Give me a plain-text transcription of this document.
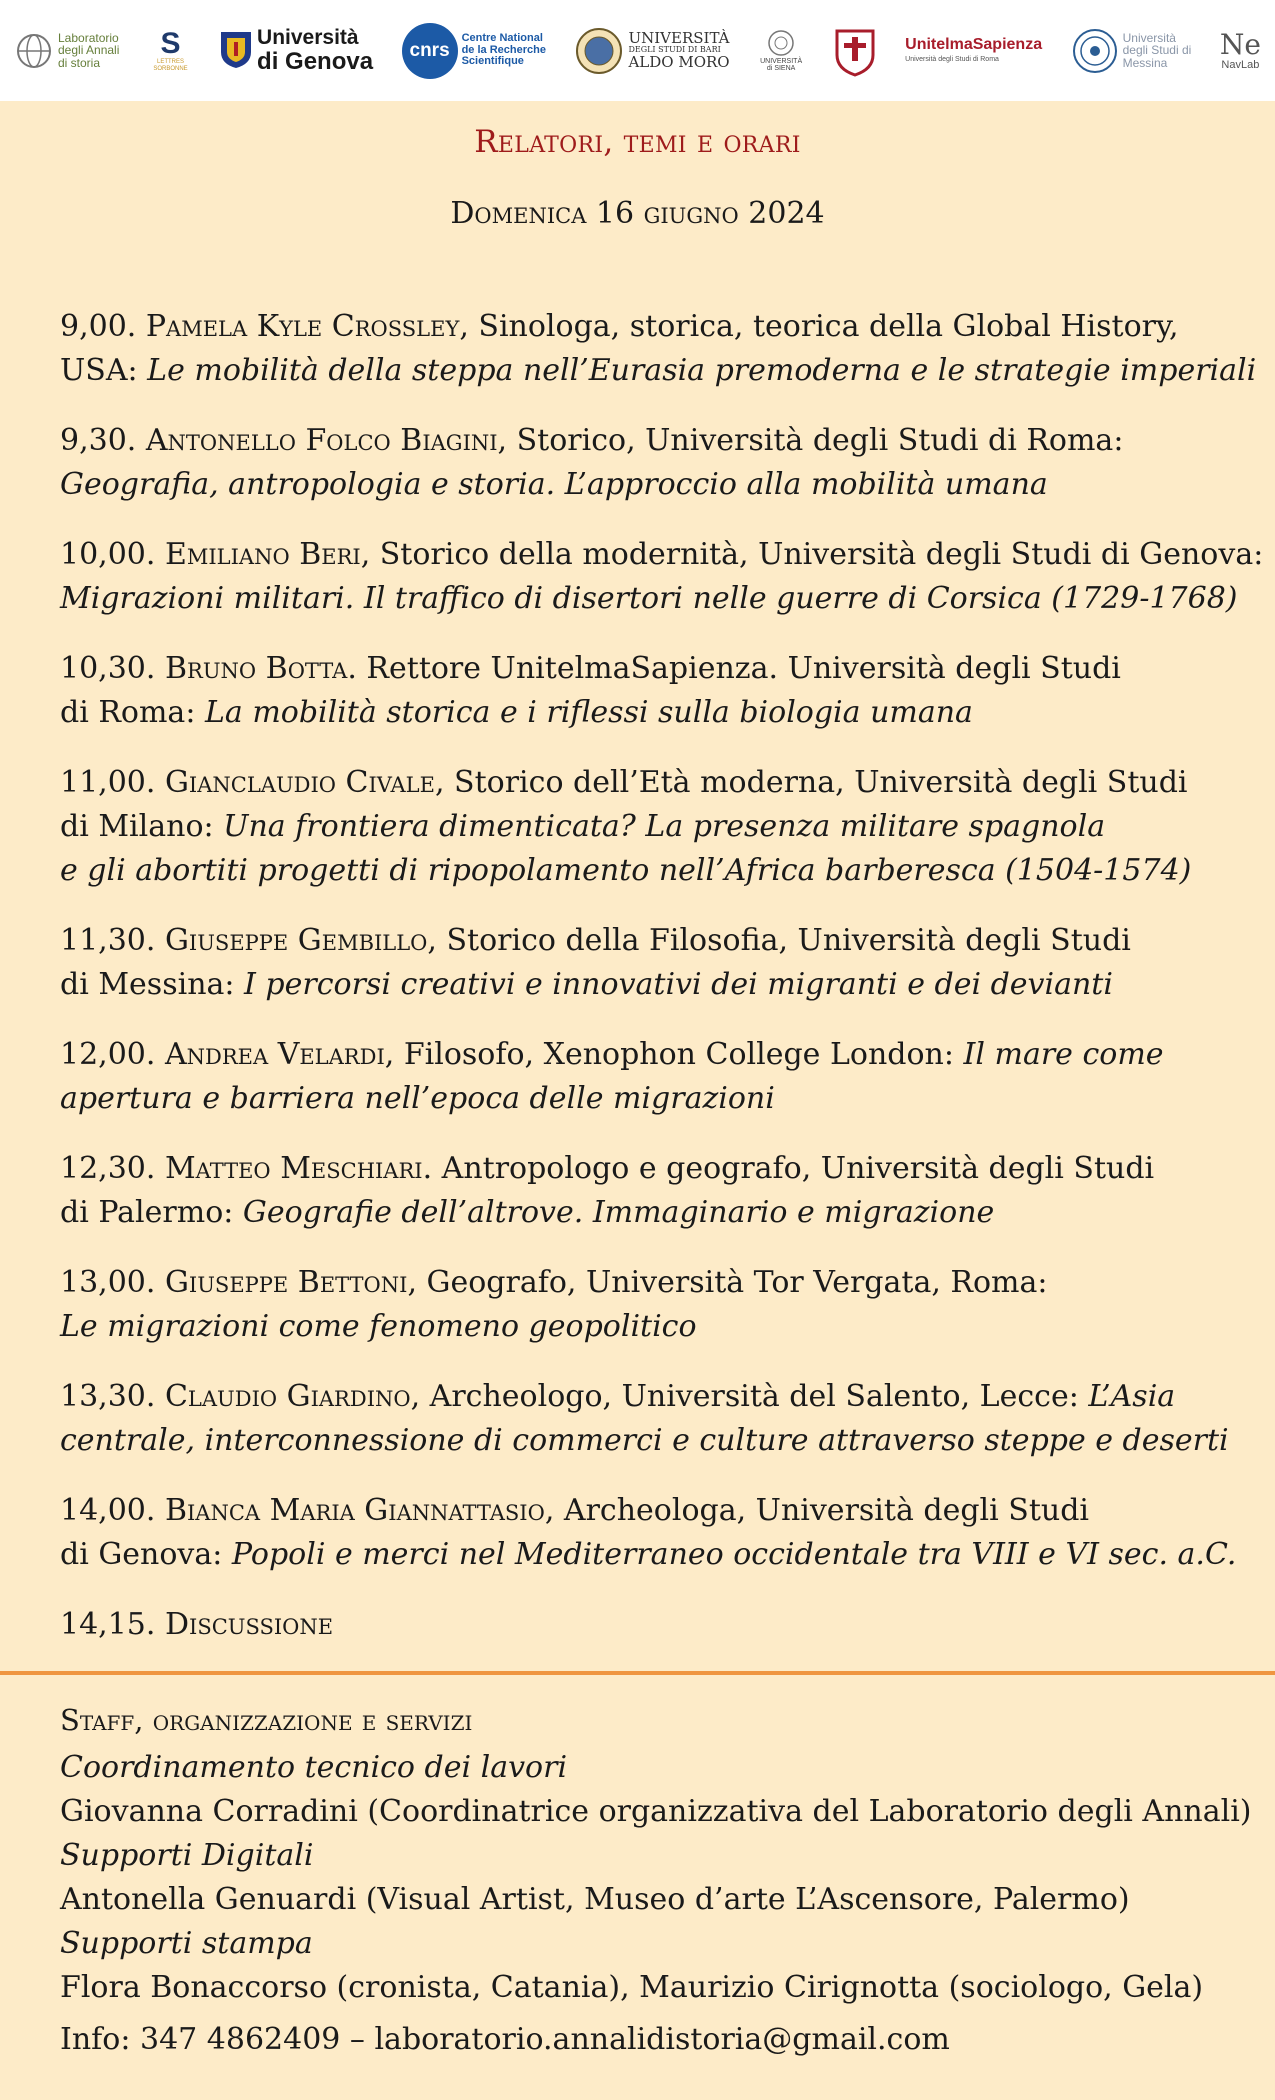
Laboratorio degli Annali di storia
S
LETTRES SORBONNE
Università
di Genova cnrs
Centre National
de la Recherche
Scientifique
UNIVERSITÀ
DEGLI STUDI DI BARI
ALDO MORO	UNIVERSITÀ di SIENA
UnitelmaSapienza
Università degli Studi di Roma
Università
degli Studi di
Messina
N⁠e
NavLab
Relatori, temi e orari
Domenica 16 giugno 2024
9,00. Pamela Kyle Crossley, Sinologa, storica, teorica della Global History,
USA: Le mobilità della steppa nell’Eurasia premoderna e le strategie imperiali
9,30. Antonello Folco Biagini, Storico, Università degli Studi di Roma:
Geografia, antropologia e storia. L’approccio alla mobilità umana
10,00. Emiliano Beri, Storico della modernità, Università degli Studi di Genova:
Migrazioni militari. Il traffico di disertori nelle guerre di Corsica (1729-1768)
10,30. Bruno Botta. Rettore UnitelmaSapienza. Università degli Studi
di Roma: La mobilità storica e i riflessi sulla biologia umana
11,00. Gianclaudio Civale, Storico dell’Età moderna, Università degli Studi
di Milano: Una frontiera dimenticata? La presenza militare spagnola
e gli abortiti progetti di ripopolamento nell’Africa barberesca (1504-1574)
11,30. Giuseppe Gembillo, Storico della Filosofia, Università degli Studi
di Messina: I percorsi creativi e innovativi dei migranti e dei devianti
12,00. Andrea Velardi, Filosofo, Xenophon College London: Il mare come
apertura e barriera nell’epoca delle migrazioni
12,30. Matteo Meschiari. Antropologo e geografo, Università degli Studi
di Palermo: Geografie dell’altrove. Immaginario e migrazione
13,00. Giuseppe Bettoni, Geografo, Università Tor Vergata, Roma:
Le migrazioni come fenomeno geopolitico
13,30. Claudio Giardino, Archeologo, Università del Salento, Lecce: L’Asia
centrale, interconnessione di commerci e culture attraverso steppe e deserti
14,00. Bianca Maria Giannattasio, Archeologa, Università degli Studi
di Genova: Popoli e merci nel Mediterraneo occidentale tra VIII e VI sec. a.C.
14,15. Discussione
Staff, organizzazione e servizi
Coordinamento tecnico dei lavori
Giovanna Corradini (Coordinatrice organizzativa del Laboratorio degli Annali)
Supporti Digitali
Antonella Genuardi (Visual Artist, Museo d’arte L’Ascensore, Palermo)
Supporti stampa
Flora Bonaccorso (cronista, Catania), Maurizio Cirignotta (sociologo, Gela)
Info: 347 4862409 – laboratorio.annalidistoria@gmail.com
